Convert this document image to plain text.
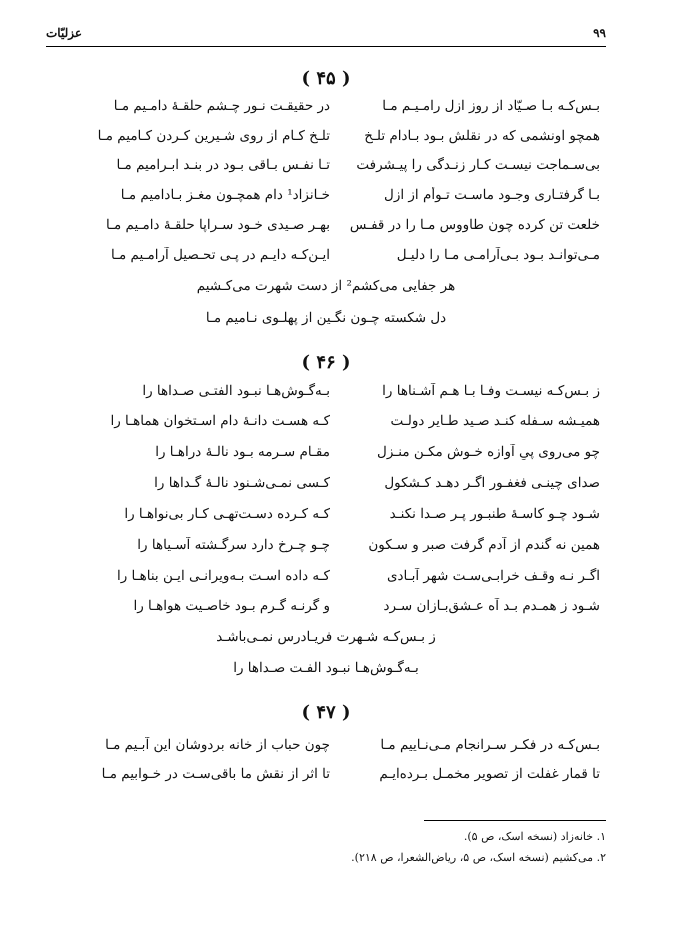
۹۹
عزلیّات
( ۴۵ )
بـس‌کـه بـا صـیّاد از روز ازل رامـیـم مـا
در حقیقـت نـور چـشم حلقـهٔ دامـیم مـا
همچو اونشمی که در نقلش بـود بـادام تلـخ
تلـخ کـام از روی شـیرین کـردن کـامیم مـا
بی‌سـماجت نیسـت کـار زنـدگی را پیـشرفت
تـا نفـس بـاقی بـود در بنـد ابـرامیم مـا
بـا گرفتـاری وجـود ماسـت تـوأم از ازل
خـانزاد¹ دام همچـون مغـز بـادامیم مـا
خلعت تن کرده چون طاووس مـا را در قفـس
بهـر صـیدی خـود سـراپا حلقـهٔ دامـیم مـا
مـی‌توانـد بـود بـی‌آرامـی مـا را دلیـل
ایـن‌کـه دایـم در پـی تحـصیل آرامـیم مـا
هر جفایی می‌کشم² از دست شهرت می‌کـشیم
دل شکسته چـون نگـین از پهلـوی نـامیم مـا
( ۴۶ )
ز بـس‌کـه نیسـت وفـا بـا هـم آشـناها را
بـه‌گـوش‌هـا نبـود الفتـی صـداها را
همیـشه سـفله کنـد صـید طـایر دولـت
کـه هسـت دانـهٔ دام اسـتخوان هماهـا را
چو می‌روی پیِ آوازه خـوش مکـن منـزل
مقـام سـرمه بـود نالـهٔ دراهـا را
صدای چینـی فغفـور اگـر دهـد کـشکول
کـسی نمـی‌شـنود نالـهٔ گـداها را
شـود چـو کاسـهٔ طنبـور پـر صـدا نکنـد
کـه کـرده دسـت‌تهـی کـار بی‌نواهـا را
همین نه گندم از آدم گرفت صبر و سـکون
چـو چـرخ دارد سرگـشته آسـیاها را
اگـر نـه وقـف خرابـی‌سـت شهر آبـادی
کـه داده اسـت بـه‌ویرانـی ایـن بناهـا را
شـود ز همـدم بـد آه عـشق‌بـازان سـرد
و گرنـه گـرم بـود خاصـیت هواهـا را
ز بـس‌کـه شـهرت فریـادرس نمـی‌باشـد
بـه‌گـوش‌هـا نبـود الفـت صـداها را
( ۴۷ )
بـس‌کـه در فکـر سـرانجام مـی‌نـاییم مـا
چون حباب از خانه بردوشان این آبـیم مـا
تا قمار غفلت از تصویر مخمـل بـرده‌ایـم
تا اثر از نقش ما باقی‌سـت در خـوابیم مـا
۱. خانه‌زاد (نسخه اسک، ص ۵).
۲. می‌کشیم (نسخه اسک، ص ۵، ریاض‌الشعرا، ص ۲۱۸).
